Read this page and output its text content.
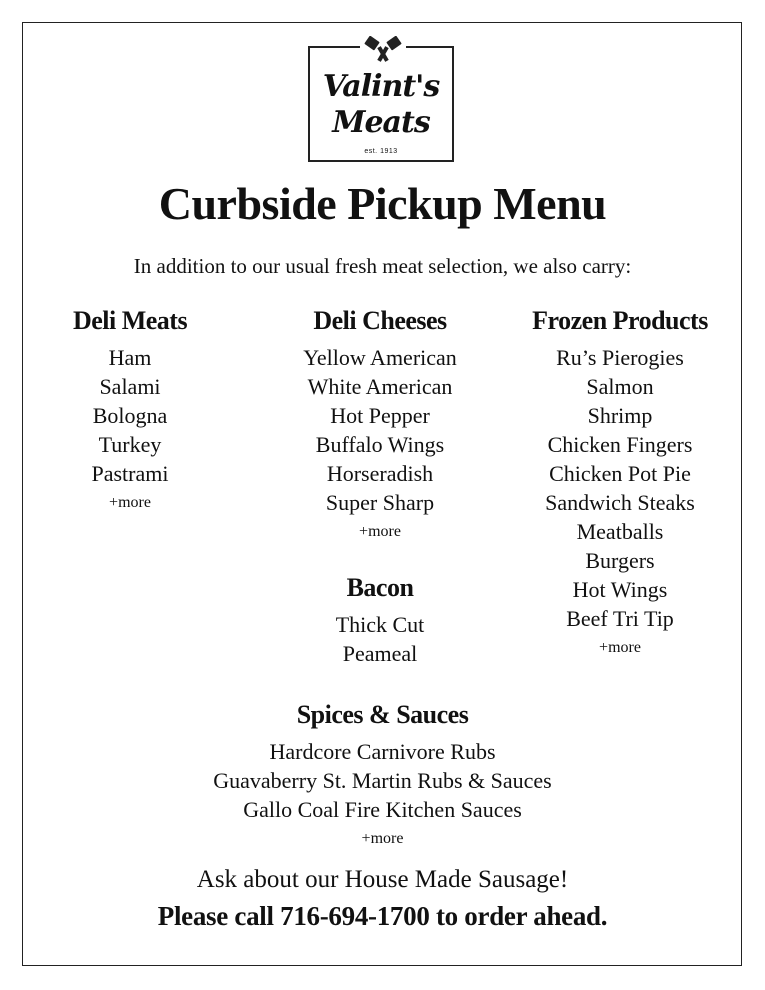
Valint's
Meats
est. 1913
Curbside Pickup Menu
In addition to our usual fresh meat selection, we also carry:
Deli Meats
Ham
Salami
Bologna
Turkey
Pastrami
+more
Deli Cheeses
Yellow American
White American
Hot Pepper
Buffalo Wings
Horseradish
Super Sharp
+more
Frozen Products
Ru’s Pierogies
Salmon
Shrimp
Chicken Fingers
Chicken Pot Pie
Sandwich Steaks
Meatballs
Burgers
Hot Wings
Beef Tri Tip
+more
Bacon
Thick Cut
Peameal
Spices & Sauces
Hardcore Carnivore Rubs
Guavaberry St. Martin Rubs & Sauces
Gallo Coal Fire Kitchen Sauces
+more
Ask about our House Made Sausage!
Please call 716-694-1700 to order ahead.
